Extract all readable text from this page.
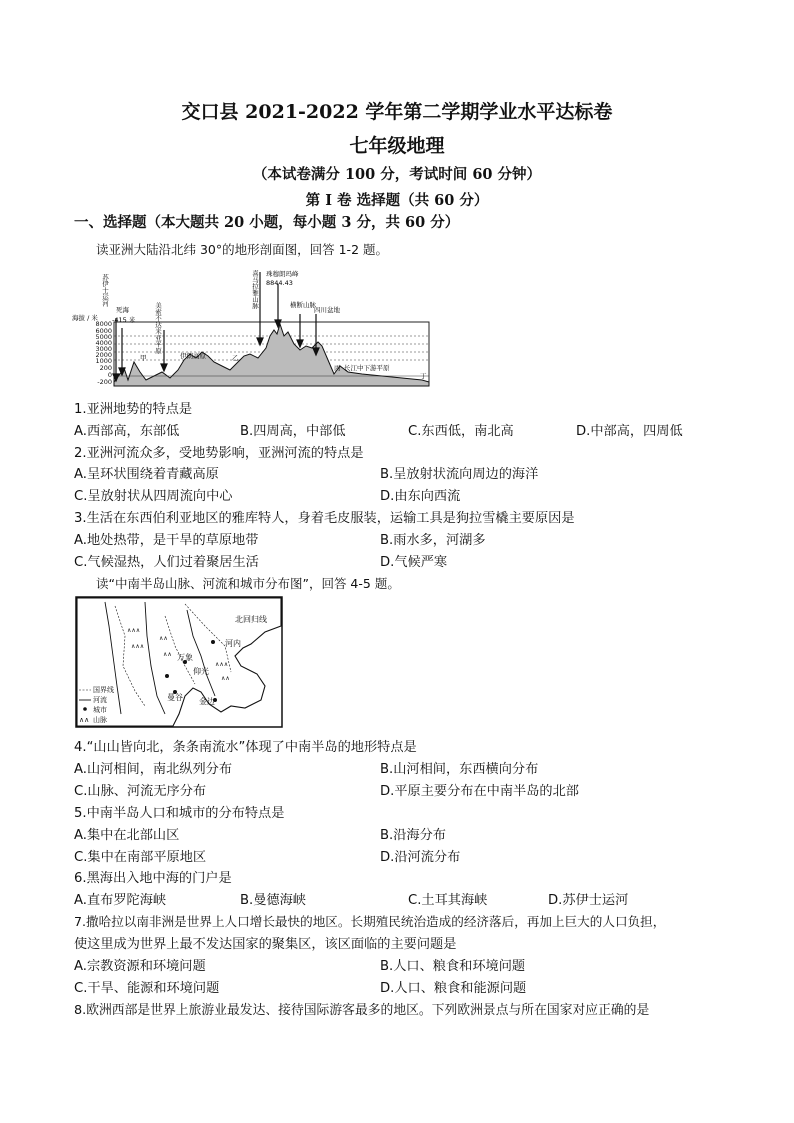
交口县 2021-2022 学年第二学期学业水平达标卷
七年级地理
（本试卷满分 100 分，考试时间 60 分钟）
第 I 卷 选择题（共 60 分）
一、选择题（本大题共 20 小题，每小题 3 分，共 60 分）
读亚洲大陆沿北纬 30°的地形剖面图，回答 1-2 题。
8000
6000
5000
4000
3000
2000
1000
200
0
-200
海拔 / 米
苏伊士运河
死海
-415 米	美索不达米亚平原
喜马拉雅山脉 珠穆朗玛峰
8844.43
横断山脉
四川盆地
甲	伊朗高原	乙
丙 长江中下游平原
丁
1.亚洲地势的特点是
A.西部高，东部低	B.四周高，中部低	C.东西低，南北高	D.中部高，四周低
2.亚洲河流众多，受地势影响，亚洲河流的特点是
A.呈环状围绕着青藏高原	B.呈放射状流向周边的海洋
C.呈放射状从四周流向中心	D.由东向西流
3.生活在东西伯利亚地区的雅库特人，身着毛皮服装，运输工具是狗拉雪橇主要原因是
A.地处热带，是干旱的草原地带	B.雨水多，河湖多
C.气候湿热，人们过着聚居生活	D.气候严寒
读“中南半岛山脉、河流和城市分布图”，回答 4-5 题。
∧∧∧
∧∧∧
∧∧
∧∧
∧∧∧
∧∧
北回归线
河内
万象
仰光
曼谷 金边
国界线
河流
城市
∧∧ 山脉
4.“山山皆向北，条条南流水”体现了中南半岛的地形特点是
A.山河相间，南北纵列分布	B.山河相间，东西横向分布
C.山脉、河流无序分布	D.平原主要分布在中南半岛的北部
5.中南半岛人口和城市的分布特点是
A.集中在北部山区	B.沿海分布
C.集中在南部平原地区	D.沿河流分布
6.黑海出入地中海的门户是
A.直布罗陀海峡	B.曼德海峡	C.土耳其海峡	D.苏伊士运河
7.撒哈拉以南非洲是世界上人口增长最快的地区。长期殖民统治造成的经济落后，再加上巨大的人口负担，
使这里成为世界上最不发达国家的聚集区，该区面临的主要问题是
A.宗教资源和环境问题	B.人口、粮食和环境问题
C.干旱、能源和环境问题	D.人口、粮食和能源问题
8.欧洲西部是世界上旅游业最发达、接待国际游客最多的地区。下列欧洲景点与所在国家对应正确的是
